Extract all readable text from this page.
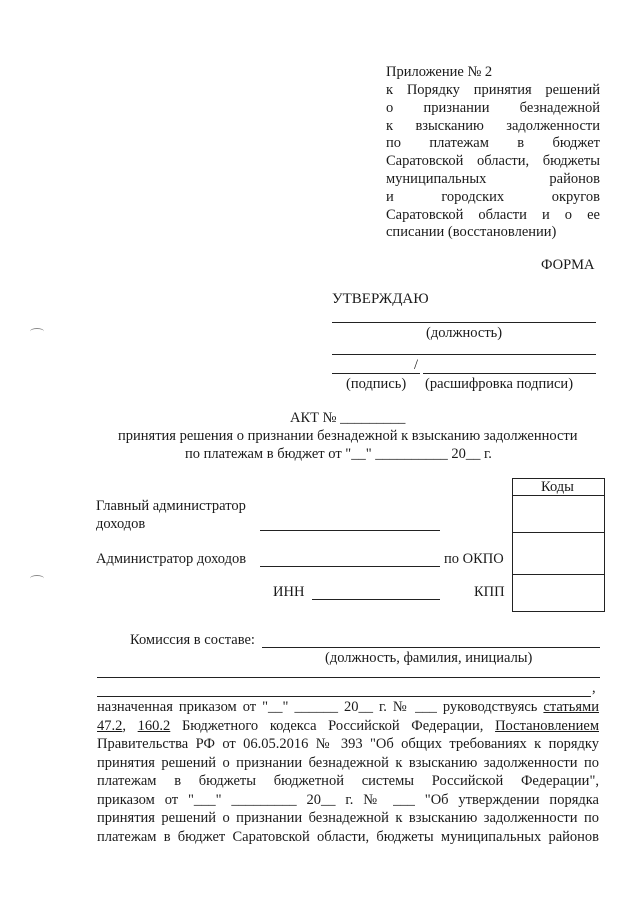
Приложение № 2
к Порядку принятия решений
о признании безнадежной
к взысканию задолженности
по платежам в бюджет
Саратовской области, бюджеты
муниципальных районов
и городских округов
Саратовской области и о ее
списании (восстановлении)
ФОРМА
УТВЕРЖДАЮ
(должность)
/
(подпись) (расшифровка подписи)
АКТ № _________
принятия решения о признании безнадежной к взысканию задолженности
по платежам в бюджет от "__" __________ 20__ г.
Коды
Главный администратор
доходов
Администратор доходов	по ОКПО
ИНН	КПП
Комиссия в составе:
(должность, фамилия, инициалы)
,
назначенная приказом от "__" ______ 20__ г. № ___ руководствуясь статьями
47.2, 160.2 Бюджетного кодекса Российской Федерации, Постановлением
Правительства РФ от 06.05.2016 № 393 "Об общих требованиях к порядку
принятия решений о признании безнадежной к взысканию задолженности по
платежам в бюджеты бюджетной системы Российской Федерации",
приказом от "___" _________ 20__ г. № ___ "Об утверждении порядка
принятия решений о признании безнадежной к взысканию задолженности по
платежам в бюджет Саратовской области, бюджеты муниципальных районов
